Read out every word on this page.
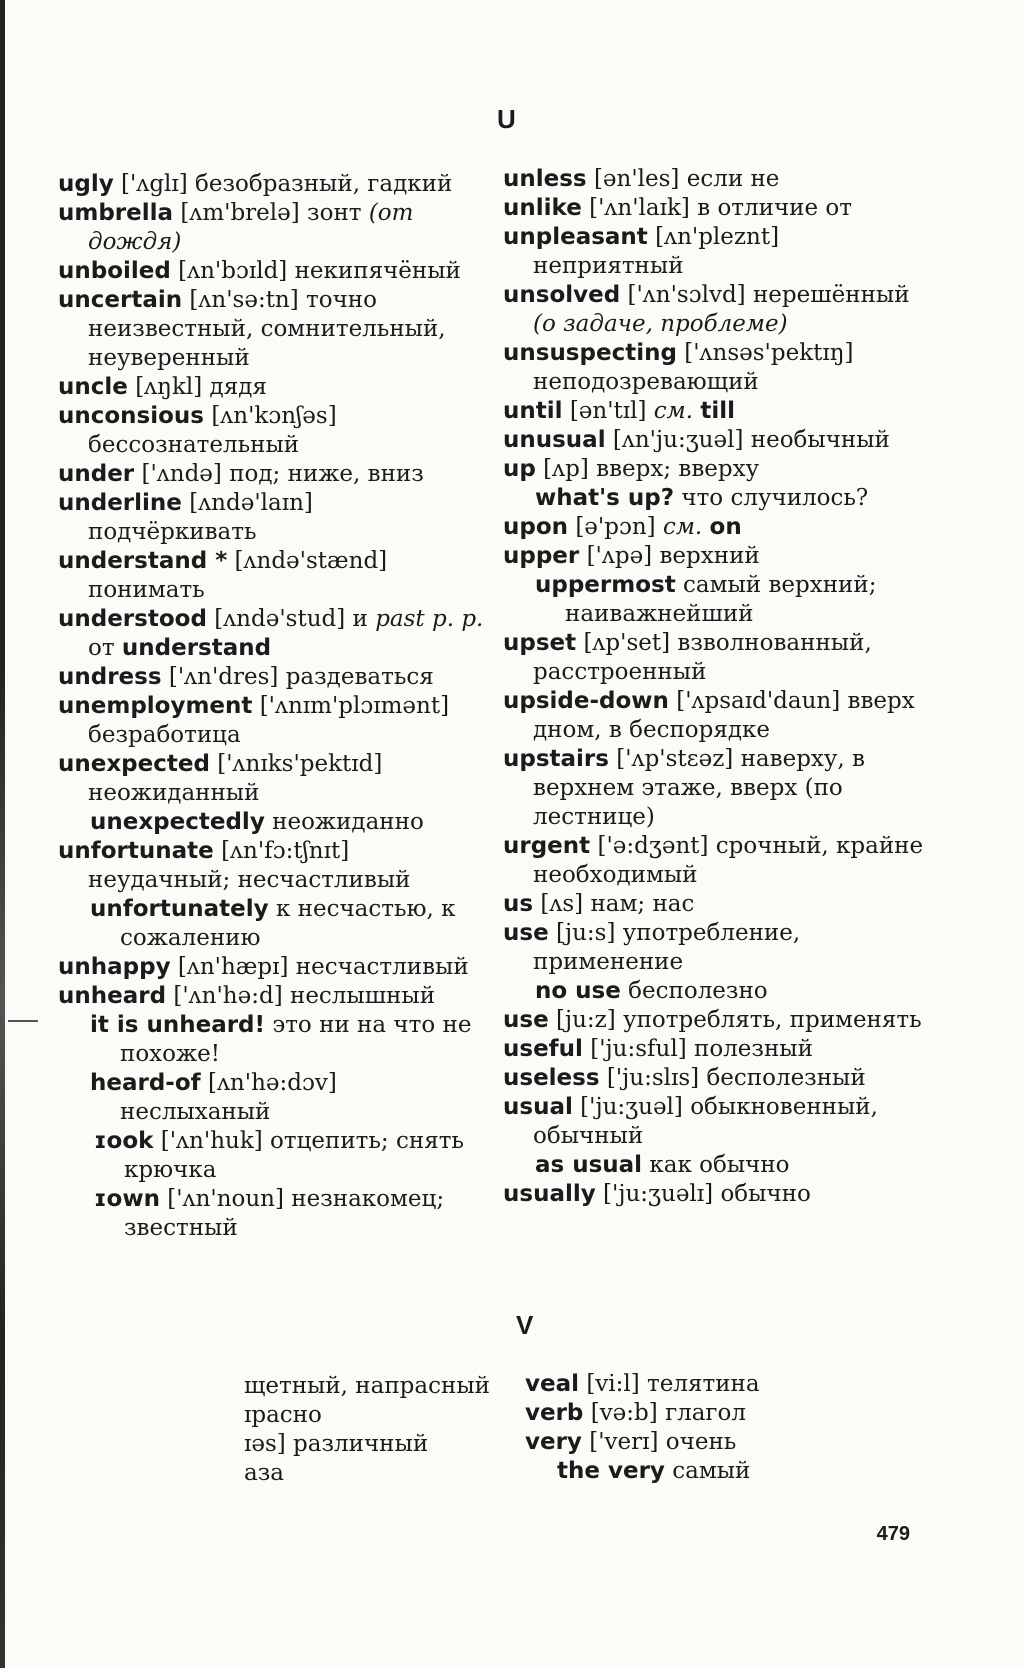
U

ugly ['ʌglɪ] безобразный, гадкий

umbrella [ʌm'brelə] зонт (от дождя)

unboiled [ʌn'bɔɪld] некипячёный

uncertain [ʌn'sə:tn] точно неизвестный, сомнительный, неуверенный

uncle [ʌŋkl] дядя

unconsious [ʌn'kɔnʃəs] бессознательный

under ['ʌndə] под; ниже, вниз

underline [ʌndə'laɪn] подчёркивать

understand * [ʌndə'stænd] понимать

understood [ʌndə'stud] и past p. p. от understand

undress ['ʌn'dres] раздеваться

unemployment ['ʌnɪm'plɔɪmənt] безработица

unexpected ['ʌnɪks'pektɪd] неожиданный

unexpectedly неожиданно

unfortunate [ʌn'fɔ:tʃnɪt] неудачный; несчастливый

unfortunately к несчастью, к сожалению

unhappy [ʌn'hæpɪ] несчастливый

unheard ['ʌn'hə:d] неслышный

it is unheard! это ни на что не похоже!

heard-of [ʌn'hə:dɔv] неслыханый

ɪook ['ʌn'huk] отцепить; снять крючка

ɪown ['ʌn'noun] незнакомец; звестный

unless [ən'les] если не

unlike ['ʌn'laɪk] в отличие от

unpleasant [ʌn'pleznt] неприятный

unsolved ['ʌn'sɔlvd] нерешённый (о задаче, проблеме)

unsuspecting ['ʌnsəs'pektɪŋ] неподозревающий

until [ən'tɪl] см. till

unusual [ʌn'ju:ʒuəl] необычный

up [ʌp] вверх; вверху

what's up? что случилось?

upon [ə'pɔn] см. on

upper ['ʌpə] верхний

uppermost самый верхний; наиважнейший

upset [ʌp'set] взволнованный, расстроенный

upside-down ['ʌpsaɪd'daun] вверх дном, в беспорядке

upstairs ['ʌp'stɛəz] наверху, в верхнем этаже, вверх (по лестнице)

urgent ['ə:dʒənt] срочный, крайне необходимый

us [ʌs] нам; нас

use [ju:s] употребление, применение

no use бесполезно

use [ju:z] употреблять, применять

useful ['ju:sful] полезный

useless ['ju:slɪs] бесполезный

usual ['ju:ʒuəl] обыкновенный, обычный

as usual как обычно

usually ['ju:ʒuəlɪ] обычно

V

щетный, напрасный

ɪрасно

ɪəs] различный

аза

veal [vi:l] телятина

verb [və:b] глагол

very ['verɪ] очень

the very самый

479
